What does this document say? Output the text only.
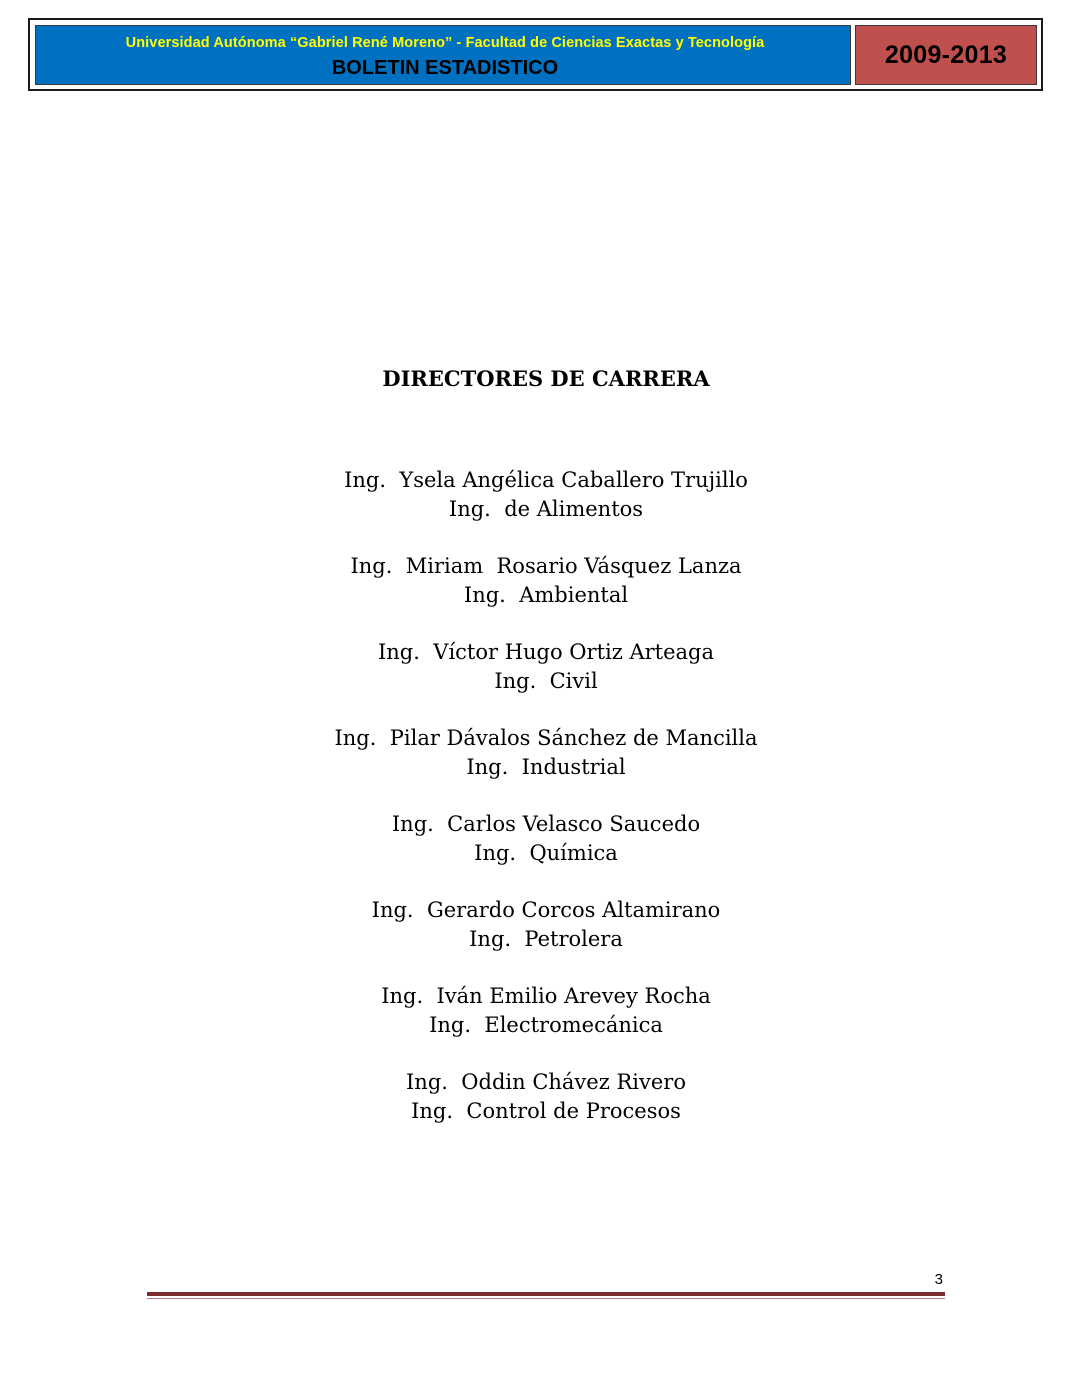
Universidad Autónoma “Gabriel René Moreno” - Facultad de Ciencias Exactas y Tecnología
BOLETIN ESTADISTICO	2009-2013
DIRECTORES DE CARRERA
Ing.  Ysela Angélica Caballero Trujillo
Ing.  de Alimentos
Ing.  Miriam  Rosario Vásquez Lanza
Ing.  Ambiental
Ing.  Víctor Hugo Ortiz Arteaga
Ing.  Civil
Ing.  Pilar Dávalos Sánchez de Mancilla
Ing.  Industrial
Ing.  Carlos Velasco Saucedo
Ing.  Química
Ing.  Gerardo Corcos Altamirano
Ing.  Petrolera
Ing.  Iván Emilio Arevey Rocha
Ing.  Electromecánica
Ing.  Oddin Chávez Rivero
Ing.  Control de Procesos
3
